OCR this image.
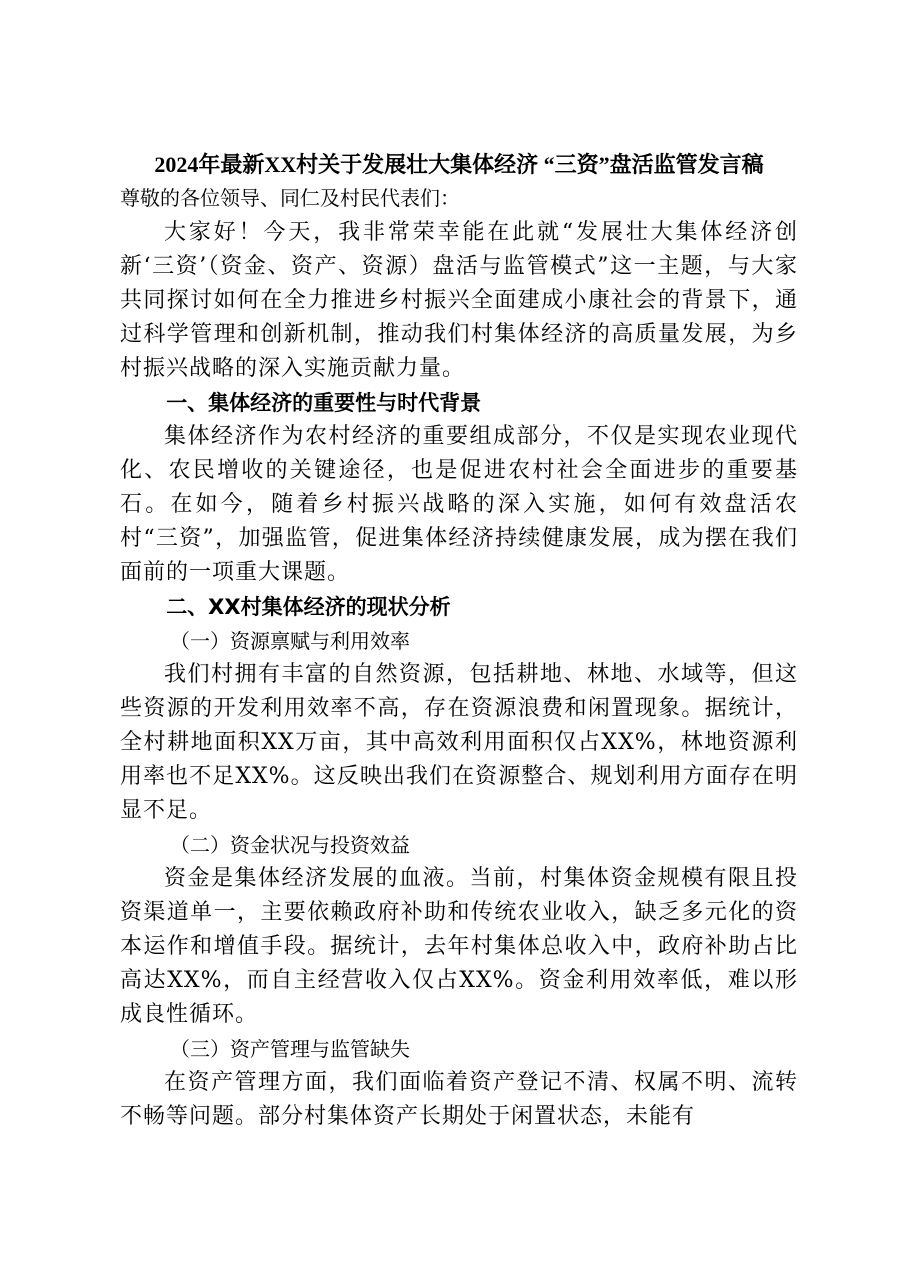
2024年最新XX村关于发展壮大集体经济 “三资”盘活监管发言稿

尊敬的各位领导、同仁及村民代表们：

大家好！今天，我非常荣幸能在此就“发展壮大集体经济创新‘三资’（资金、资产、资源）盘活与监管模式”这一主题，与大家共同探讨如何在全力推进乡村振兴全面建成小康社会的背景下，通过科学管理和创新机制，推动我们村集体经济的高质量发展，为乡村振兴战略的深入实施贡献力量。

一、集体经济的重要性与时代背景

集体经济作为农村经济的重要组成部分，不仅是实现农业现代化、农民增收的关键途径，也是促进农村社会全面进步的重要基石。在如今，随着乡村振兴战略的深入实施，如何有效盘活农村“三资”，加强监管，促进集体经济持续健康发展，成为摆在我们面前的一项重大课题。

二、XX村集体经济的现状分析

（一）资源禀赋与利用效率

我们村拥有丰富的自然资源，包括耕地、林地、水域等，但这些资源的开发利用效率不高，存在资源浪费和闲置现象。据统计，全村耕地面积XX万亩，其中高效利用面积仅占XX%，林地资源利用率也不足XX%。这反映出我们在资源整合、规划利用方面存在明显不足。

（二）资金状况与投资效益

资金是集体经济发展的血液。当前，村集体资金规模有限且投资渠道单一，主要依赖政府补助和传统农业收入，缺乏多元化的资本运作和增值手段。据统计，去年村集体总收入中，政府补助占比高达XX%，而自主经营收入仅占XX%。资金利用效率低，难以形成良性循环。

（三）资产管理与监管缺失

在资产管理方面，我们面临着资产登记不清、权属不明、流转不畅等问题。部分村集体资产长期处于闲置状态，未能有
